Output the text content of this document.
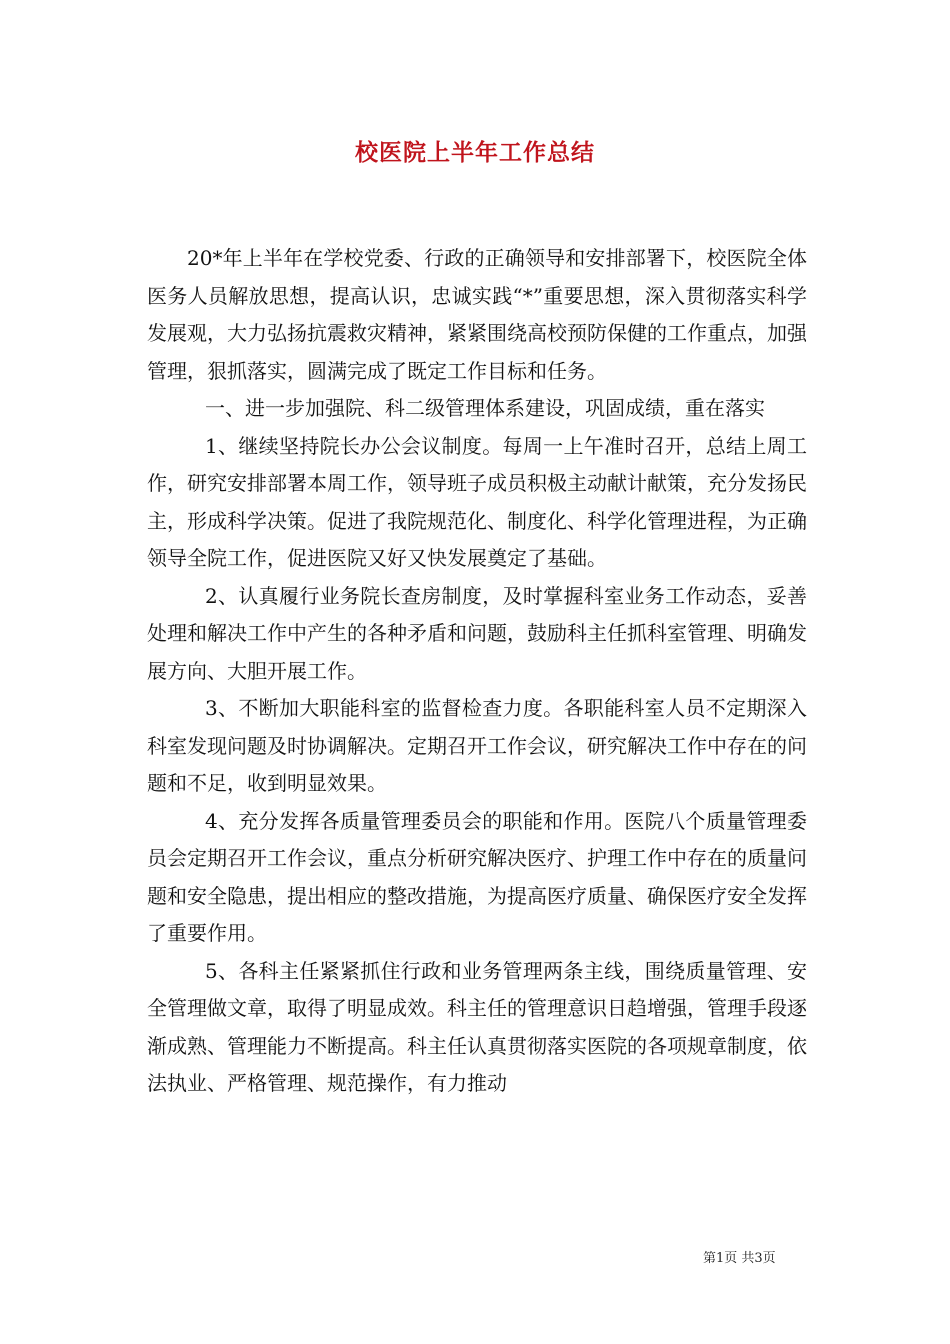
校医院上半年工作总结

20*年上半年在学校党委、行政的正确领导和安排部署下，校医院全体医务人员解放思想，提高认识，忠诚实践“*”重要思想，深入贯彻落实科学发展观，大力弘扬抗震救灾精神，紧紧围绕高校预防保健的工作重点，加强管理，狠抓落实，圆满完成了既定工作目标和任务。

一、进一步加强院、科二级管理体系建设，巩固成绩，重在落实

1、继续坚持院长办公会议制度。每周一上午准时召开，总结上周工作，研究安排部署本周工作，领导班子成员积极主动献计献策，充分发扬民主，形成科学决策。促进了我院规范化、制度化、科学化管理进程，为正确领导全院工作，促进医院又好又快发展奠定了基础。

2、认真履行业务院长查房制度，及时掌握科室业务工作动态，妥善处理和解决工作中产生的各种矛盾和问题，鼓励科主任抓科室管理、明确发展方向、大胆开展工作。

3、不断加大职能科室的监督检查力度。各职能科室人员不定期深入科室发现问题及时协调解决。定期召开工作会议，研究解决工作中存在的问题和不足，收到明显效果。

4、充分发挥各质量管理委员会的职能和作用。医院八个质量管理委员会定期召开工作会议，重点分析研究解决医疗、护理工作中存在的质量问题和安全隐患，提出相应的整改措施，为提高医疗质量、确保医疗安全发挥了重要作用。

5、各科主任紧紧抓住行政和业务管理两条主线，围绕质量管理、安全管理做文章，取得了明显成效。科主任的管理意识日趋增强，管理手段逐渐成熟、管理能力不断提高。科主任认真贯彻落实医院的各项规章制度，依法执业、严格管理、规范操作，有力推动

第1页 共3页
